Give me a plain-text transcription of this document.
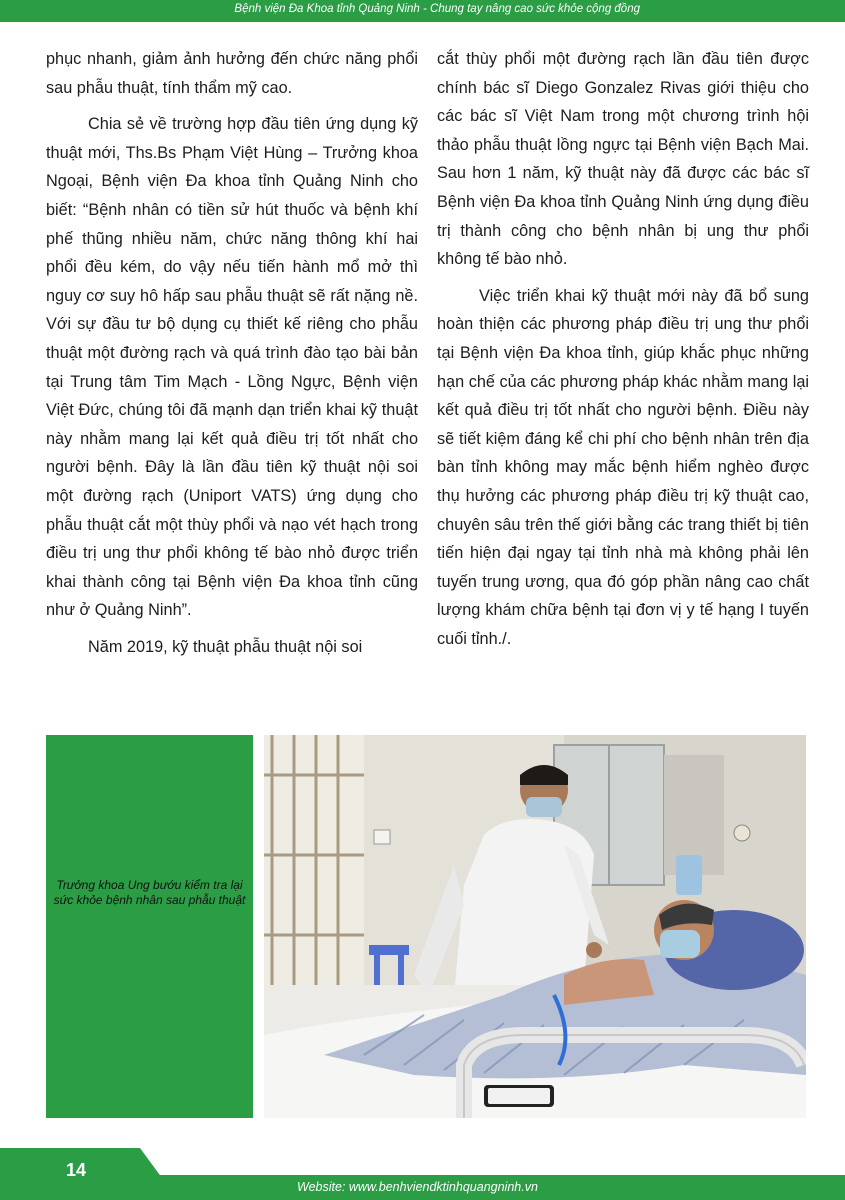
Bệnh viện Đa Khoa tỉnh Quảng Ninh - Chung tay nâng cao sức khỏe cộng đồng

phục nhanh, giảm ảnh hưởng đến chức năng phổi sau phẫu thuật, tính thẩm mỹ cao.

Chia sẻ về trường hợp đầu tiên ứng dụng kỹ thuật mới, Ths.Bs Phạm Việt Hùng – Trưởng khoa Ngoại, Bệnh viện Đa khoa tỉnh Quảng Ninh cho biết: “Bệnh nhân có tiền sử hút thuốc và bệnh khí phế thũng nhiều năm, chức năng thông khí hai phổi đều kém, do vậy nếu tiến hành mổ mở thì nguy cơ suy hô hấp sau phẫu thuật sẽ rất nặng nề. Với sự đầu tư bộ dụng cụ thiết kế riêng cho phẫu thuật một đường rạch và quá trình đào tạo bài bản tại Trung tâm Tim Mạch - Lồng Ngực, Bệnh viện Việt Đức, chúng tôi đã mạnh dạn triển khai kỹ thuật này nhằm mang lại kết quả điều trị tốt nhất cho người bệnh. Đây là lần đầu tiên kỹ thuật nội soi một đường rạch (Uniport VATS) ứng dụng cho phẫu thuật cắt một thùy phổi và nạo vét hạch trong điều trị ung thư phổi không tế bào nhỏ được triển khai thành công tại Bệnh viện Đa khoa tỉnh cũng như ở Quảng Ninh”.

Năm 2019, kỹ thuật phẫu thuật nội soi

cắt thùy phổi một đường rạch lần đầu tiên được chính bác sĩ Diego Gonzalez Rivas giới thiệu cho các bác sĩ Việt Nam trong một chương trình hội thảo phẫu thuật lồng ngực tại Bệnh viện Bạch Mai. Sau hơn 1 năm, kỹ thuật này đã được các bác sĩ Bệnh viện Đa khoa tỉnh Quảng Ninh ứng dụng điều trị thành công cho bệnh nhân bị ung thư phổi không tế bào nhỏ.

Việc triển khai kỹ thuật mới này đã bổ sung hoàn thiện các phương pháp điều trị ung thư phổi tại Bệnh viện Đa khoa tỉnh, giúp khắc phục những hạn chế của các phương pháp khác nhằm mang lại kết quả điều trị tốt nhất cho người bệnh. Điều này sẽ tiết kiệm đáng kể chi phí cho bệnh nhân trên địa bàn tỉnh không may mắc bệnh hiểm nghèo được thụ hưởng các phương pháp điều trị kỹ thuật cao, chuyên sâu trên thế giới bằng các trang thiết bị tiên tiến hiện đại ngay tại tỉnh nhà mà không phải lên tuyến trung ương, qua đó góp phần nâng cao chất lượng khám chữa bệnh tại đơn vị y tế hạng I tuyến cuối tỉnh./.

Trưởng khoa Ung bướu kiểm tra lại sức khỏe bệnh nhân sau phẫu thuật

14
Website: www.benhviendktinhquangninh.vn
